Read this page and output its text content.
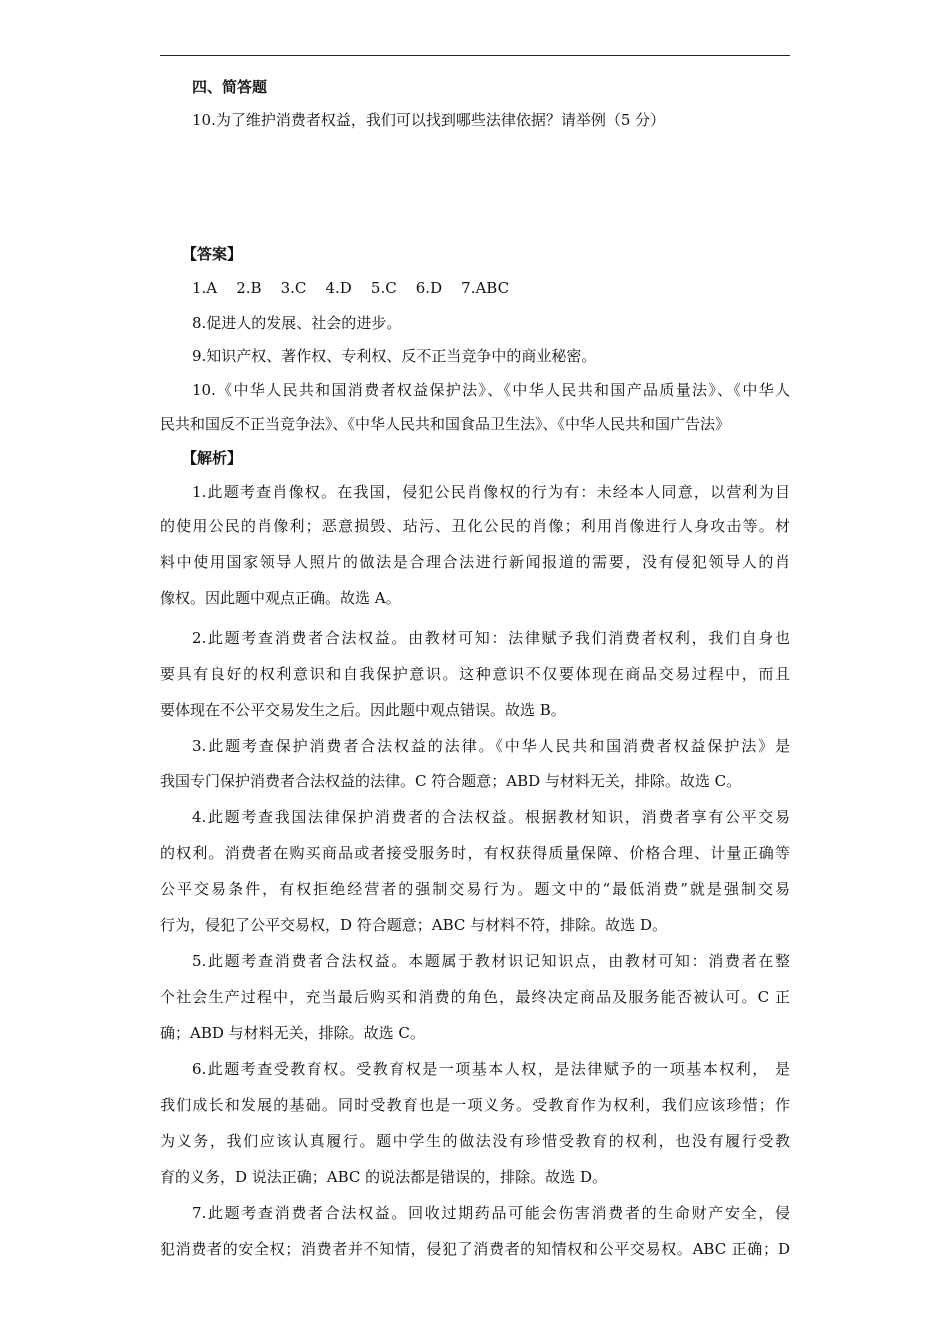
四、简答题
10.为了维护消费者权益，我们可以找到哪些法律依据？请举例（5 分）
【答案】
1.A    2.B    3.C    4.D    5.C    6.D    7.ABC
8.促进人的发展、社会的进步。
9.知识产权、著作权、专利权、反不正当竞争中的商业秘密。
10.《中华人民共和国消费者权益保护法》、《中华人民共和国产品质量法》、《中华人
民共和国反不正当竞争法》、《中华人民共和国食品卫生法》、《中华人民共和国广告法》
【解析】
1.此题考查肖像权。在我国，侵犯公民肖像权的行为有：未经本人同意，以营利为目
的使用公民的肖像利；恶意损毁、玷污、丑化公民的肖像；利用肖像进行人身攻击等。材
料中使用国家领导人照片的做法是合理合法进行新闻报道的需要，没有侵犯领导人的肖
像权。因此题中观点正确。故选 A。
2.此题考查消费者合法权益。由教材可知：法律赋予我们消费者权利，我们自身也
要具有良好的权利意识和自我保护意识。这种意识不仅要体现在商品交易过程中，而且
要体现在不公平交易发生之后。因此题中观点错误。故选 B。
3.此题考查保护消费者合法权益的法律。《中华人民共和国消费者权益保护法》是
我国专门保护消费者合法权益的法律。C 符合题意；ABD 与材料无关，排除。故选 C。
4.此题考查我国法律保护消费者的合法权益。根据教材知识，消费者享有公平交易
的权利。消费者在购买商品或者接受服务时，有权获得质量保障、价格合理、计量正确等
公平交易条件，有权拒绝经营者的强制交易行为。题文中的“最低消费”就是强制交易
行为，侵犯了公平交易权，D 符合题意；ABC 与材料不符，排除。故选 D。
5.此题考查消费者合法权益。本题属于教材识记知识点，由教材可知：消费者在整
个社会生产过程中，充当最后购买和消费的角色，最终决定商品及服务能否被认可。C 正
确；ABD 与材料无关，排除。故选 C。
6.此题考查受教育权。受教育权是一项基本人权，是法律赋予的一项基本权利， 是
我们成长和发展的基础。同时受教育也是一项义务。受教育作为权利，我们应该珍惜；作
为义务，我们应该认真履行。题中学生的做法没有珍惜受教育的权利，也没有履行受教
育的义务，D 说法正确；ABC 的说法都是错误的，排除。故选 D。
7.此题考查消费者合法权益。回收过期药品可能会伤害消费者的生命财产安全，侵
犯消费者的安全权；消费者并不知情，侵犯了消费者的知情权和公平交易权。ABC 正确；D
